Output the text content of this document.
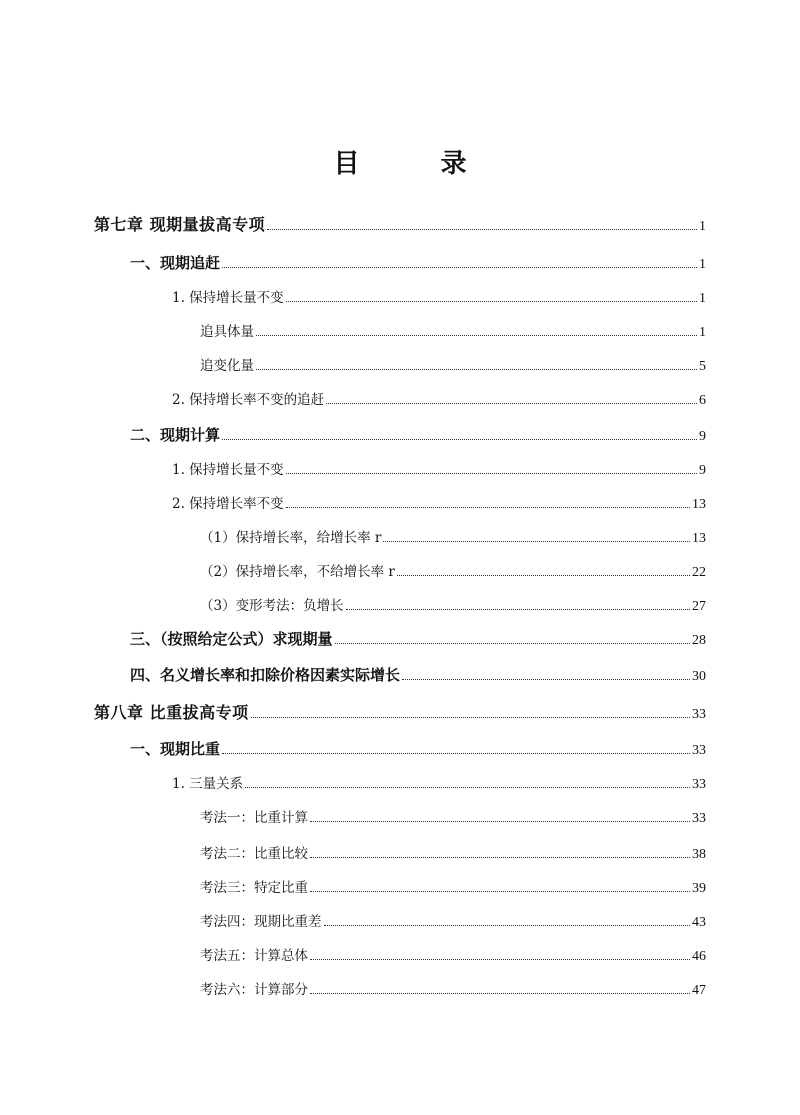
目 录
第七章 现期量拔高专项	1
一、现期追赶	1
1. 保持增长量不变	1
追具体量	1
追变化量	5
2. 保持增长率不变的追赶	6
二、现期计算	9
1. 保持增长量不变	9
2. 保持增长率不变	13
（1）保持增长率，给增长率 r	13
（2）保持增长率，不给增长率 r	22
（3）变形考法：负增长	27
三、（按照给定公式）求现期量	28
四、名义增长率和扣除价格因素实际增长	30
第八章 比重拔高专项	33
一、现期比重	33
1. 三量关系	33
考法一：比重计算	33
考法二：比重比较	38
考法三：特定比重	39
考法四：现期比重差	43
考法五：计算总体	46
考法六：计算部分	47
